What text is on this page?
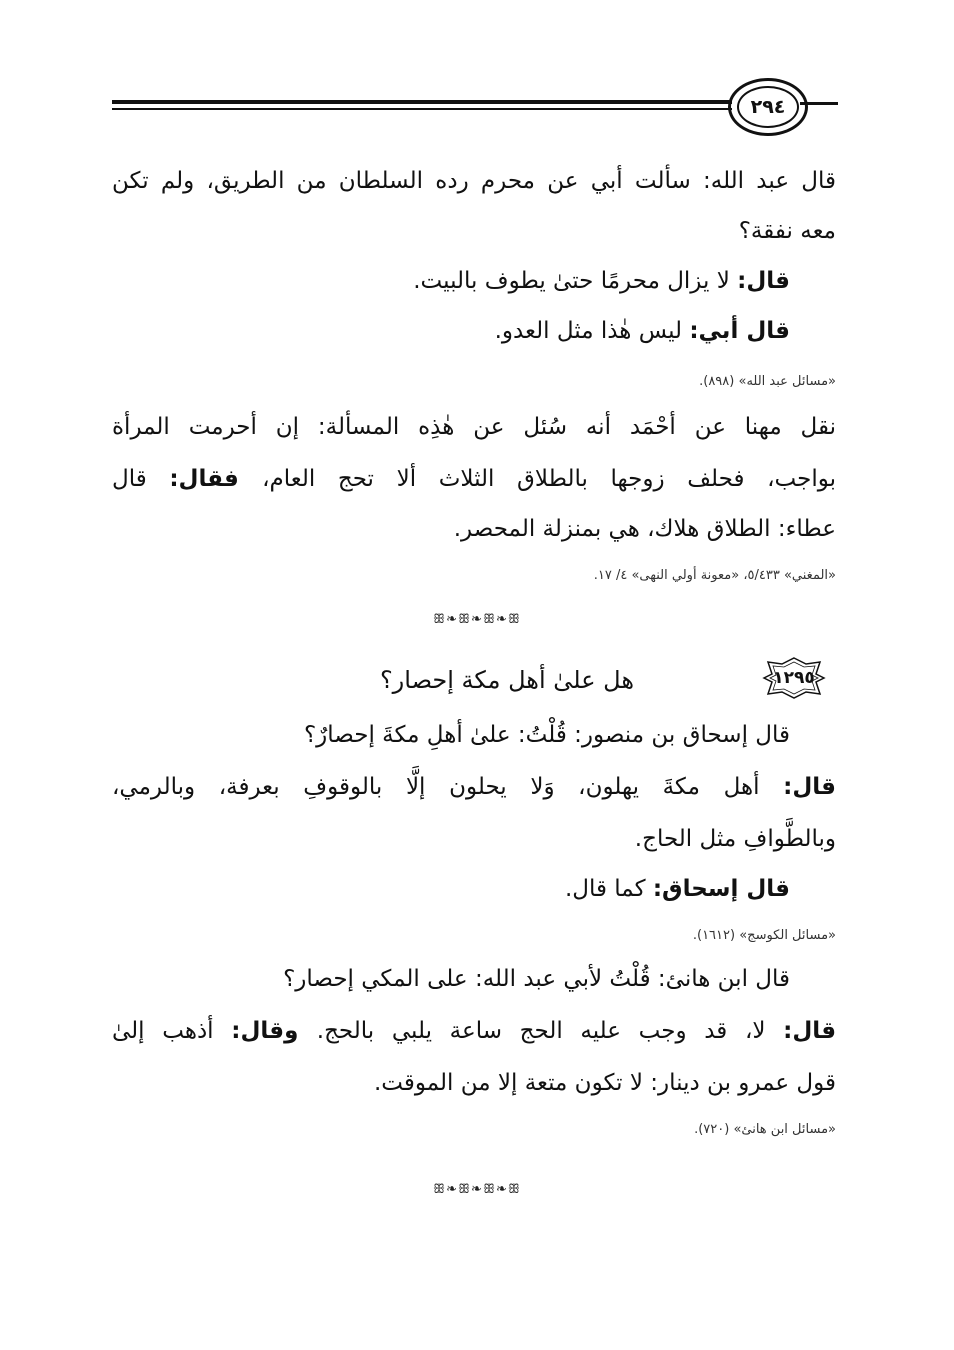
٢٩٤
قال عبد الله: سألت أبي عن محرم رده السلطان من الطريق، ولم تكن
معه نفقة؟
قال: لا يزال محرمًا حتىٰ يطوف بالبيت.
قال أبي: ليس هٰذا مثل العدو.
«مسائل عبد الله» (٨٩٨).
نقل مهنا عن أحْمَد أنه سُئل عن هٰذِه المسألة: إن أحرمت المرأة
بواجب، فحلف زوجها بالطلاق الثلاث ألا تحج العام، فقال: قال
عطاء: الطلاق هلاك، هي بمنزلة المحصر.
«المغني» ٥/٤٣٣، «معونة أولي النهى» ٤/ ١٧.
ꕥ❧ꕥ❧ꕥ❧ꕥ
١٢٩٥
هل علىٰ أهل مكة إحصار؟
قال إسحاق بن منصور: قُلْتُ: علىٰ أهلِ مكةَ إحصارٌ؟
قال: أهل مكةَ يهلون، وَلا يحلون إلَّا بالوقوفِ بعرفة، وبالرمي،
وبالطَّوافِ مثل الحاج.
قال إسحاق: كما قال.
«مسائل الكوسج» (١٦١٢).
قال ابن هانئ: قُلْتُ لأبي عبد الله: على المكي إحصار؟
قال: لا، قد وجب عليه الحج ساعة يلبي بالحج. وقال: أذهب إلىٰ
قول عمرو بن دينار: لا تكون متعة إلا من الموقت.
«مسائل ابن هانئ» (٧٢٠).
ꕥ❧ꕥ❧ꕥ❧ꕥ
